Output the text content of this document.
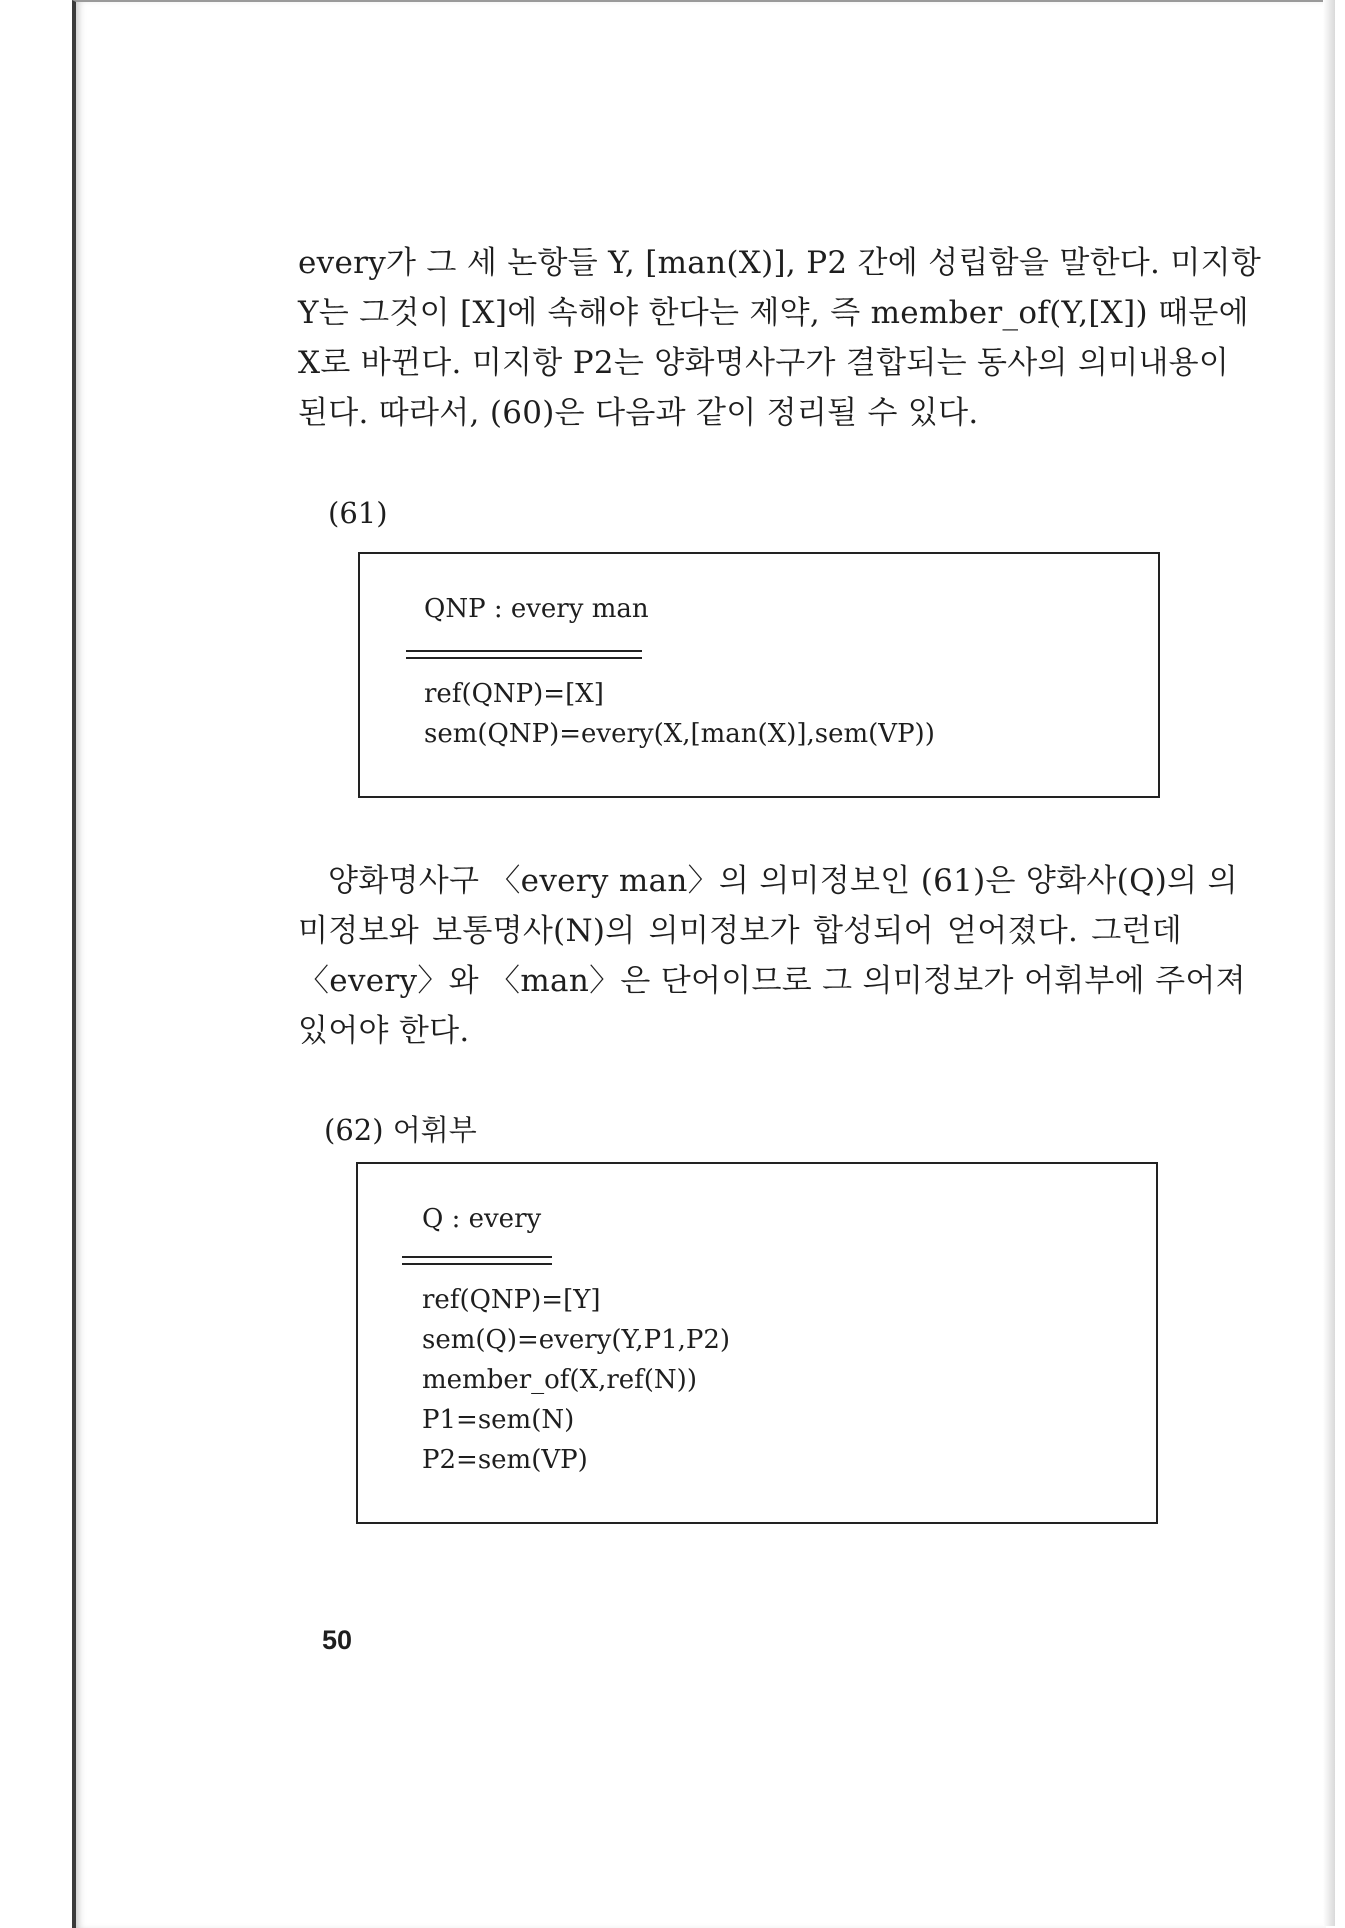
every가 그 세 논항들 Y, [man(X)], P2 간에 성립함을 말한다. 미지항
Y는 그것이 [X]에 속해야 한다는 제약, 즉 member_of(Y,[X]) 때문에
X로 바뀐다. 미지항 P2는 양화명사구가 결합되는 동사의 의미내용이
된다. 따라서, (60)은 다음과 같이 정리될 수 있다.
(61)
QNP : every man
ref(QNP)=[X]
sem(QNP)=every(X,[man(X)],sem(VP))
양화명사구 〈every man〉의 의미정보인 (61)은 양화사(Q)의 의
미정보와 보통명사(N)의 의미정보가 합성되어 얻어졌다. 그런데
〈every〉와 〈man〉은 단어이므로 그 의미정보가 어휘부에 주어져
있어야 한다.
(62) 어휘부
Q : every
ref(QNP)=[Y]
sem(Q)=every(Y,P1,P2)
member_of(X,ref(N))
P1=sem(N)
P2=sem(VP)
50
